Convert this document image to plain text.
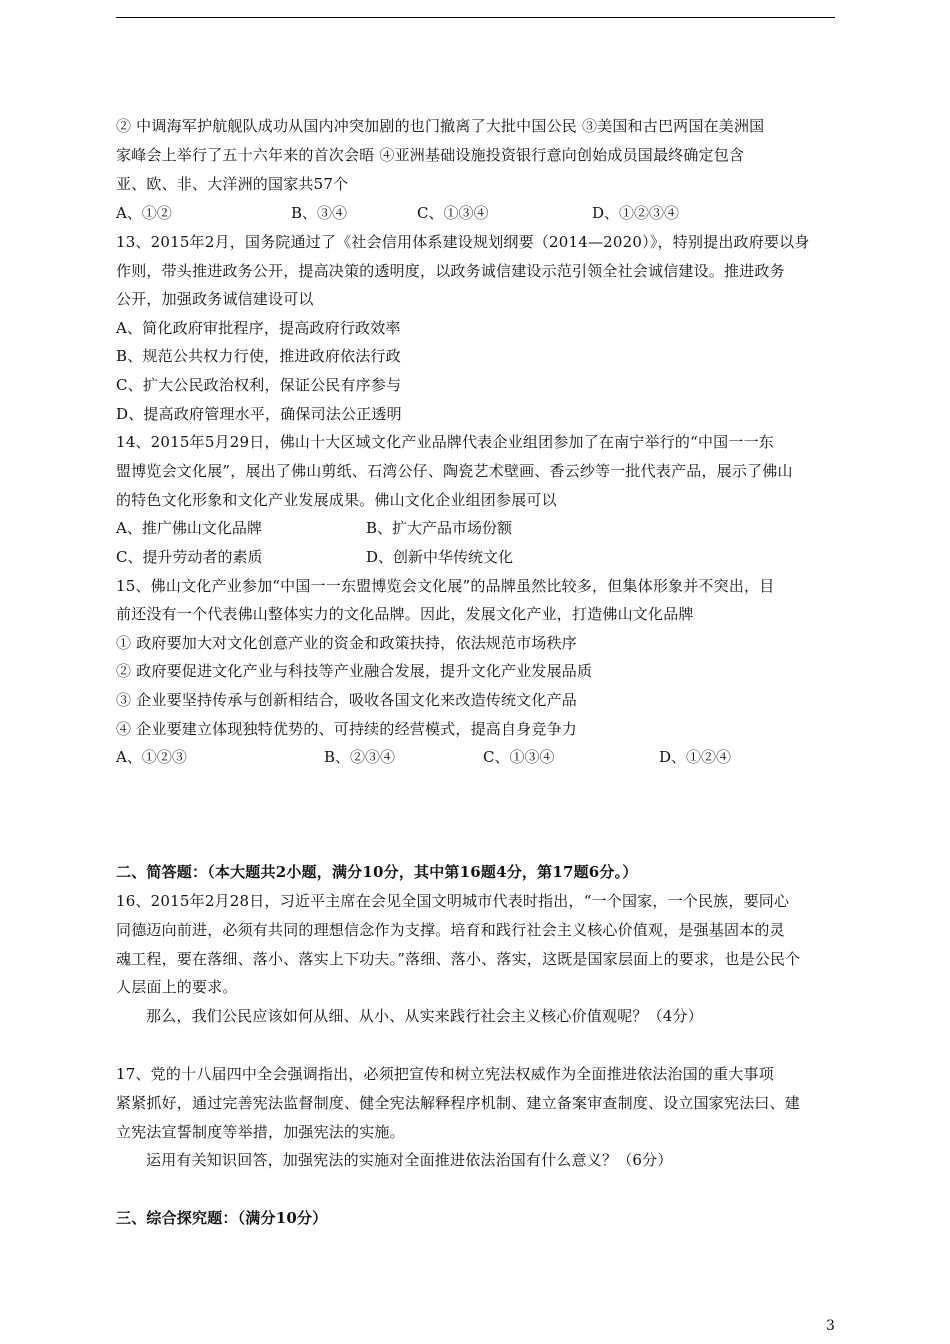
② 中调海军护航舰队成功从国内冲突加剧的也门撤离了大批中国公民 ③美国和古巴两国在美洲国
家峰会上举行了五十六年来的首次会晤 ④亚洲基础设施投资银行意向创始成员国最终确定包含
亚、欧、非、大洋洲的国家共57个
A、①②	B、③④	C、①③④	D、①②③④
13、2015年2月，国务院通过了《社会信用体系建设规划纲要（2014—2020）》，特别提出政府要以身
作则，带头推进政务公开，提高决策的透明度，以政务诚信建设示范引领全社会诚信建设。推进政务
公开，加强政务诚信建设可以
A、简化政府审批程序，提高政府行政效率
B、规范公共权力行使，推进政府依法行政
C、扩大公民政治权利，保证公民有序参与
D、提高政府管理水平，确保司法公正透明
14、2015年5月29日，佛山十大区域文化产业品牌代表企业组团参加了在南宁举行的“中国一一东
盟博览会文化展”，展出了佛山剪纸、石湾公仔、陶瓷艺术壁画、香云纱等一批代表产品，展示了佛山
的特色文化形象和文化产业发展成果。佛山文化企业组团参展可以
A、推广佛山文化品牌	B、扩大产品市场份额
C、提升劳动者的素质	D、创新中华传统文化
15、佛山文化产业参加“中国一一东盟博览会文化展”的品牌虽然比较多，但集体形象并不突出，目
前还没有一个代表佛山整体实力的文化品牌。因此，发展文化产业，打造佛山文化品牌
① 政府要加大对文化创意产业的资金和政策扶持，依法规范市场秩序
② 政府要促进文化产业与科技等产业融合发展，提升文化产业发展品质
③ 企业要坚持传承与创新相结合，吸收各国文化来改造传统文化产品
④ 企业要建立体现独特优势的、可持续的经营模式，提高自身竞争力
A、①②③	B、②③④	C、①③④	D、①②④
二、简答题：（本大题共2小题，满分10分，其中第16题4分，第17题6分。）
16、2015年2月28日，习近平主席在会见全国文明城市代表时指出，“一个国家，一个民族，要同心
同德迈向前进，必须有共同的理想信念作为支撑。培育和践行社会主义核心价值观，是强基固本的灵
魂工程，要在落细、落小、落实上下功夫。”落细、落小、落实，这既是国家层面上的要求，也是公民个
人层面上的要求。
那么，我们公民应该如何从细、从小、从实来践行社会主义核心价值观呢？（4分）
17、党的十八届四中全会强调指出，必须把宣传和树立宪法权威作为全面推进依法治国的重大事项
紧紧抓好，通过完善宪法监督制度、健全宪法解释程序机制、建立备案审查制度、设立国家宪法曰、建
立宪法宣誓制度等举措，加强宪法的实施。
运用有关知识回答，加强宪法的实施对全面推进依法治国有什么意义？（6分）
三、综合探究题：（满分10分）
3
